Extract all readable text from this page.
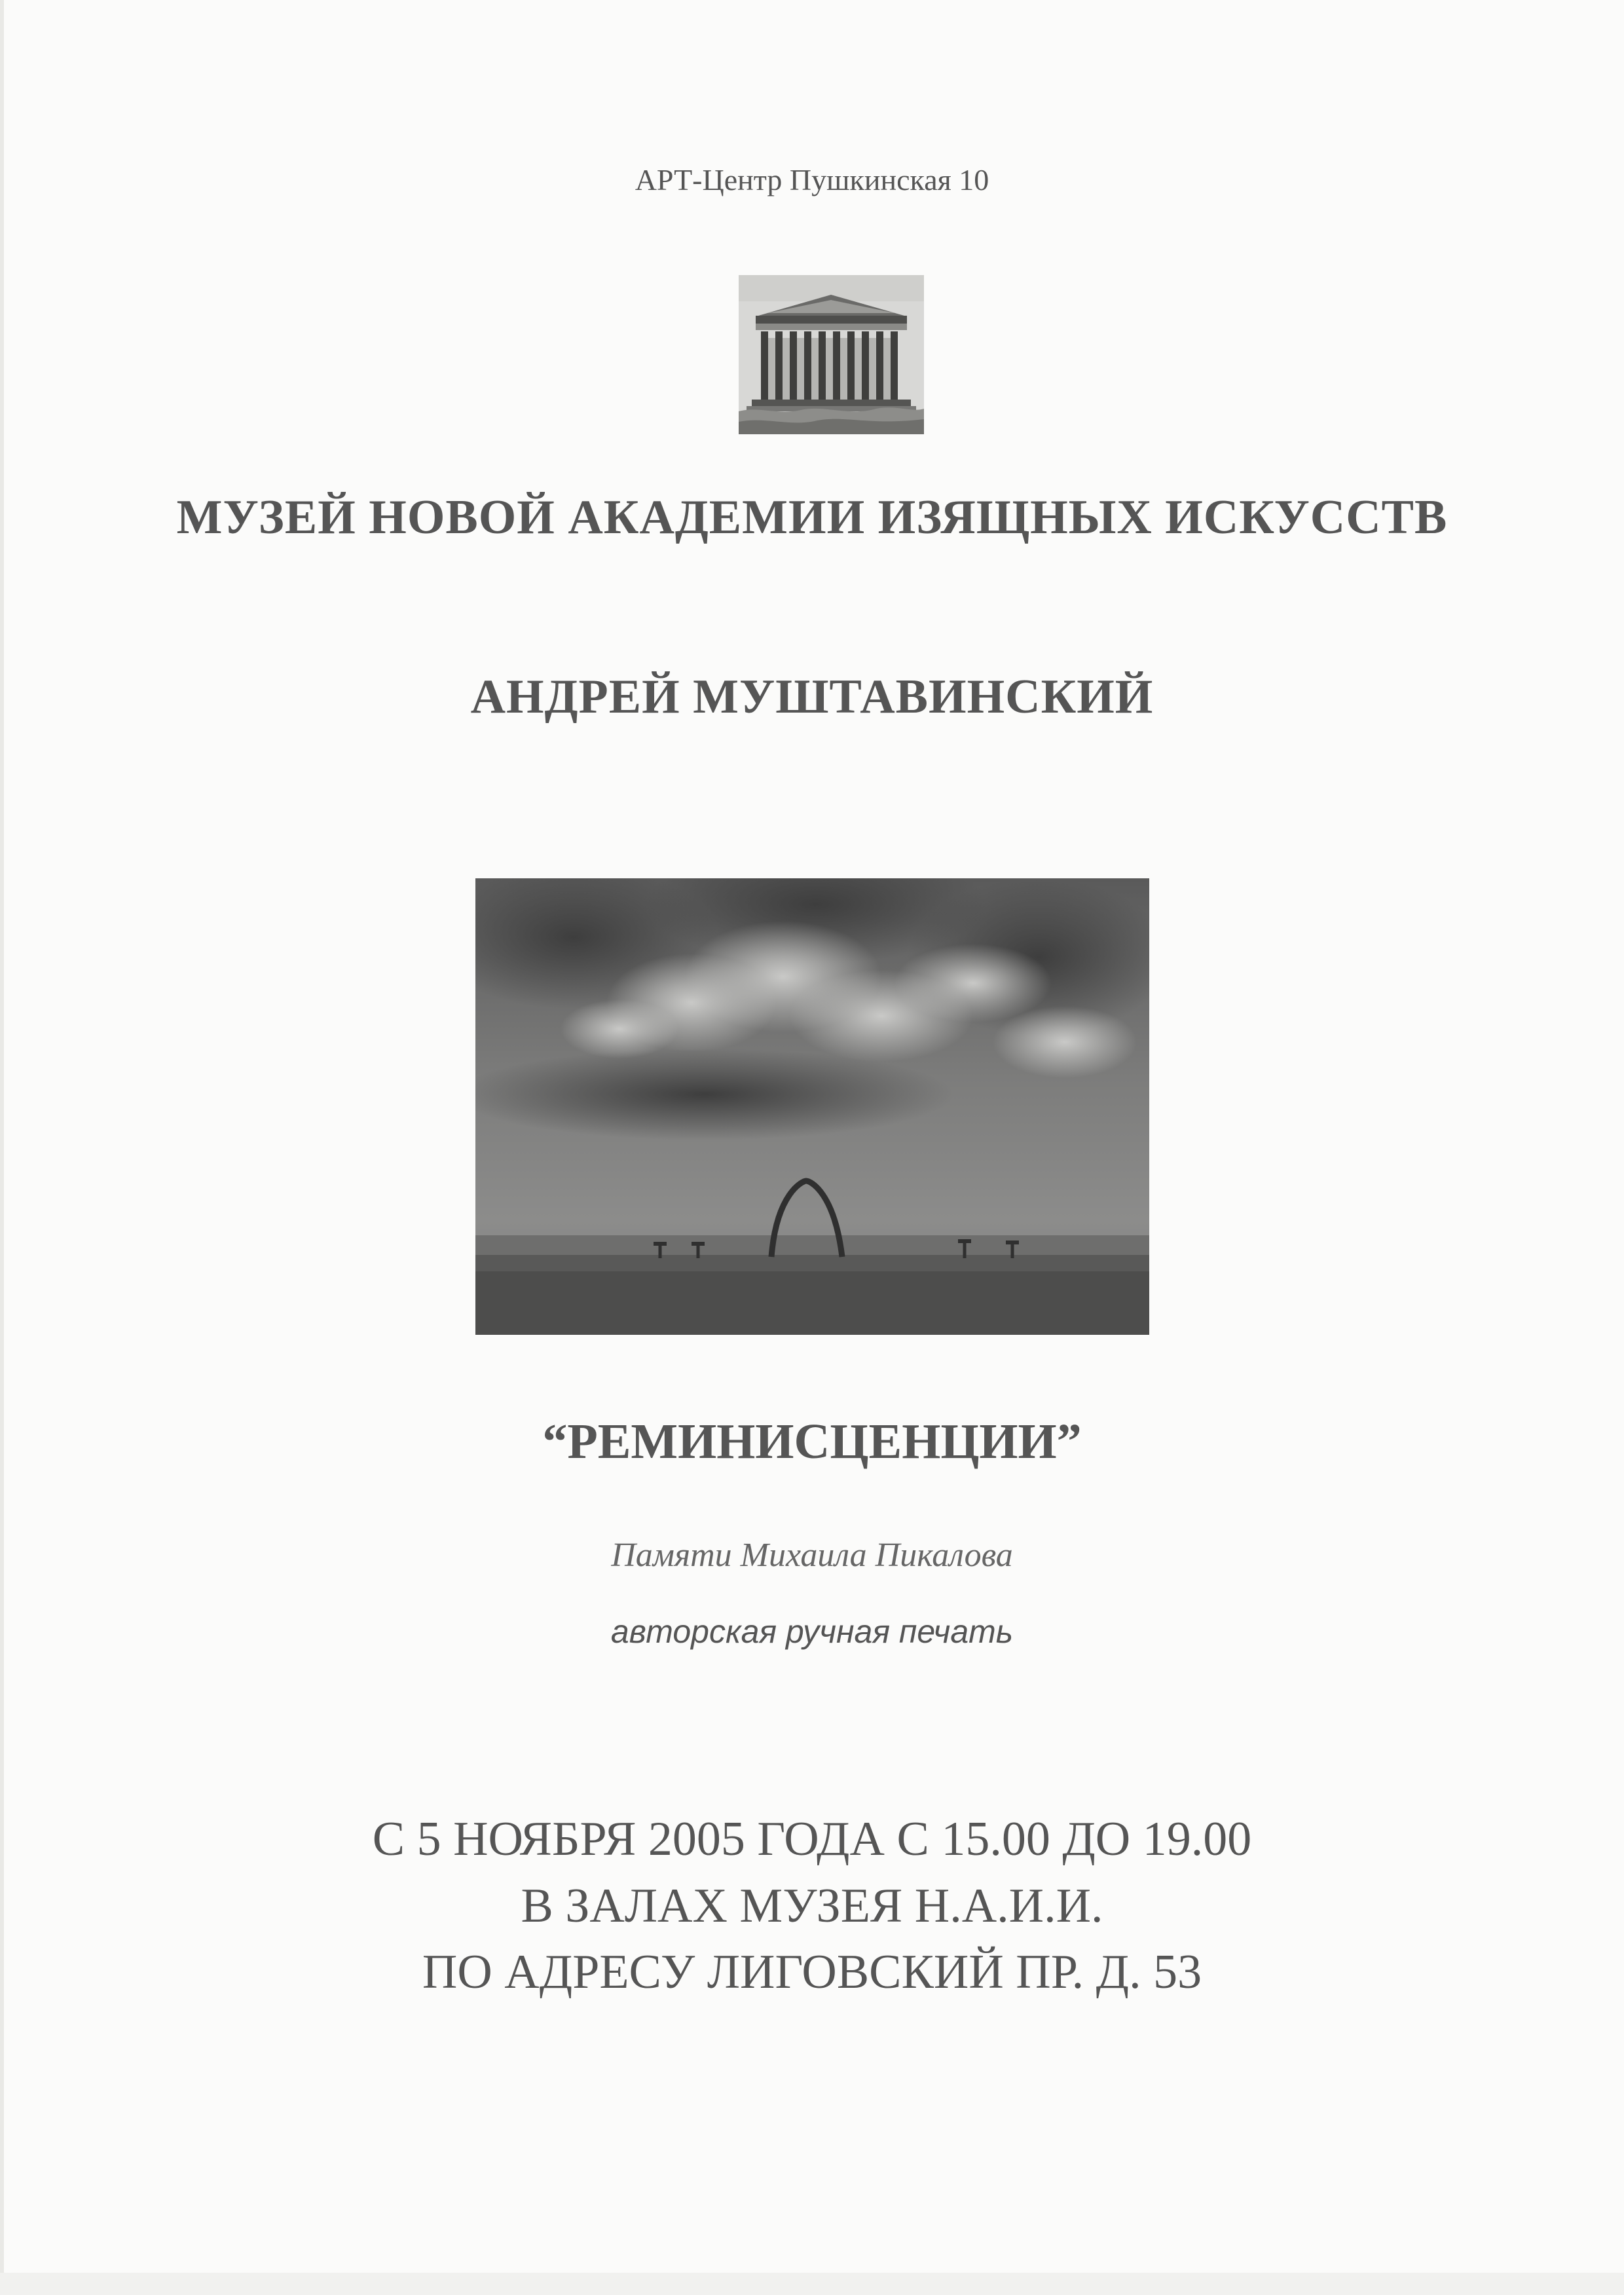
АРТ-Центр Пушкинская 10

МУЗЕЙ НОВОЙ АКАДЕМИИ ИЗЯЩНЫХ ИСКУССТВ
АНДРЕЙ МУШТАВИНСКИЙ
“РЕМИНИСЦЕНЦИИ”

Памяти Михаила Пикалова

авторская ручная печать

С 5 НОЯБРЯ 2005 ГОДА С 15.00 ДО 19.00

В ЗАЛАХ МУЗЕЯ Н.А.И.И.

ПО АДРЕСУ ЛИГОВСКИЙ ПР. Д. 53
